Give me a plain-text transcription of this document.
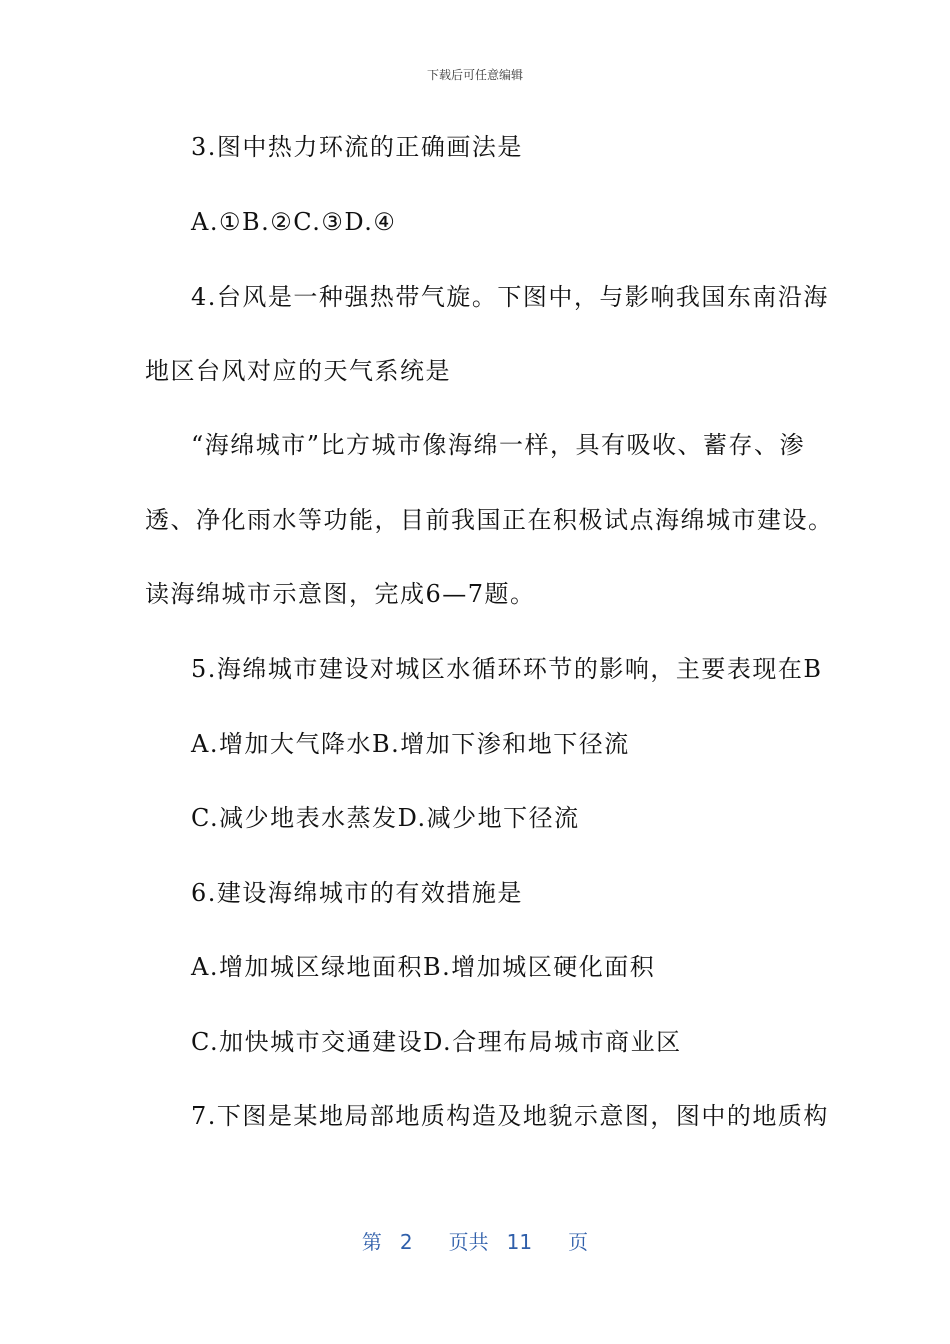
下载后可任意编辑
3.图中热力环流的正确画法是
A.①B.②C.③D.④
4.台风是一种强热带气旋。下图中，与影响我国东南沿海
地区台风对应的天气系统是
“海绵城市”比方城市像海绵一样，具有吸收、蓄存、渗
透、净化雨水等功能，目前我国正在积极试点海绵城市建设。
读海绵城市示意图，完成6—7题。
5.海绵城市建设对城区水循环环节的影响，主要表现在B
A.增加大气降水B.增加下渗和地下径流
C.减少地表水蒸发D.减少地下径流
6.建设海绵城市的有效措施是
A.增加城区绿地面积B.增加城区硬化面积
C.加快城市交通建设D.合理布局城市商业区
7.下图是某地局部地质构造及地貌示意图，图中的地质构
第 2 页共 11 页
